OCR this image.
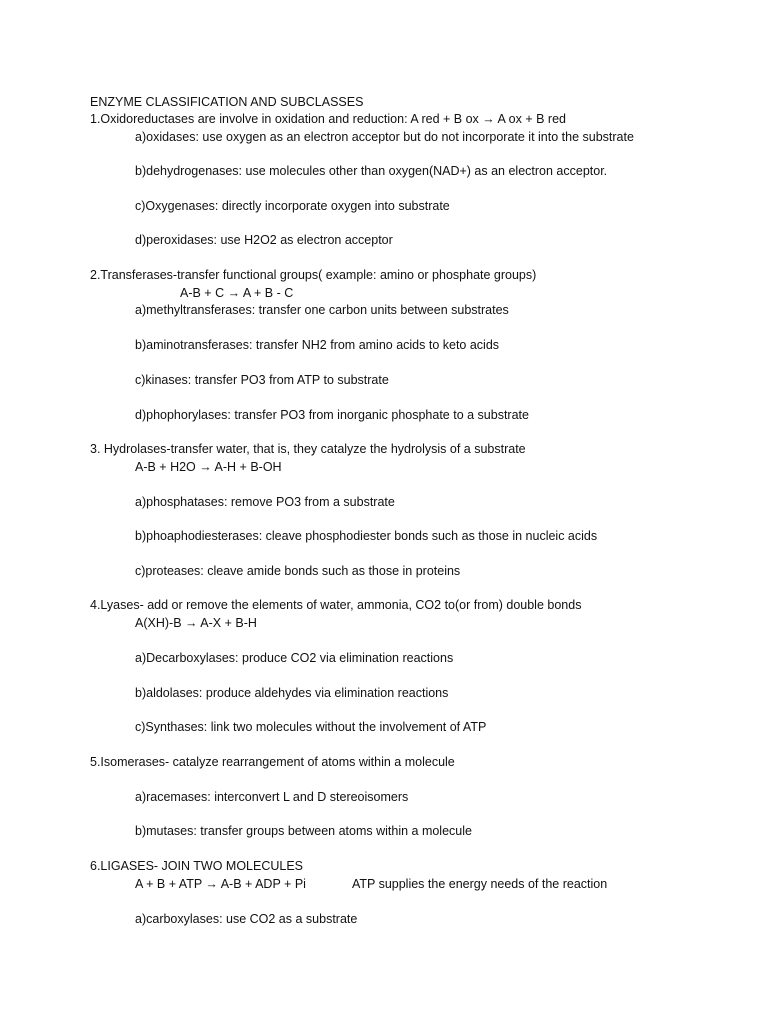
ENZYME CLASSIFICATION AND SUBCLASSES
1.Oxidoreductases are involve in oxidation and reduction: A red + B ox → A ox + B red
a)oxidases: use oxygen as an electron acceptor but do not incorporate it into the substrate
b)dehydrogenases: use molecules other than oxygen(NAD+) as an electron acceptor.
c)Oxygenases: directly incorporate oxygen into substrate
d)peroxidases: use H2O2 as electron acceptor
2.Transferases-transfer functional groups( example: amino or phosphate groups)
A-B + C → A + B - C
a)methyltransferases: transfer one carbon units between substrates
b)aminotransferases: transfer NH2 from amino acids to keto acids
c)kinases: transfer PO3 from ATP to substrate
d)phophorylases: transfer PO3 from inorganic phosphate to a substrate
3. Hydrolases-transfer water, that is, they catalyze the hydrolysis of a substrate
A-B + H2O → A-H + B-OH
a)phosphatases: remove PO3 from a substrate
b)phoaphodiesterases: cleave phosphodiester bonds such as those in nucleic acids
c)proteases: cleave amide bonds such as those in proteins
4.Lyases- add or remove the elements of water, ammonia, CO2 to(or from) double bonds
A(XH)-B → A-X + B-H
a)Decarboxylases: produce CO2 via elimination reactions
b)aldolases: produce aldehydes via elimination reactions
c)Synthases: link two molecules without the involvement of ATP
5.Isomerases- catalyze rearrangement of atoms within a molecule
a)racemases: interconvert L and D stereoisomers
b)mutases: transfer groups between atoms within a molecule
6.LIGASES- JOIN TWO MOLECULES
A + B + ATP → A-B + ADP + Pi	ATP supplies the energy needs of the reaction
a)carboxylases: use CO2 as a substrate
